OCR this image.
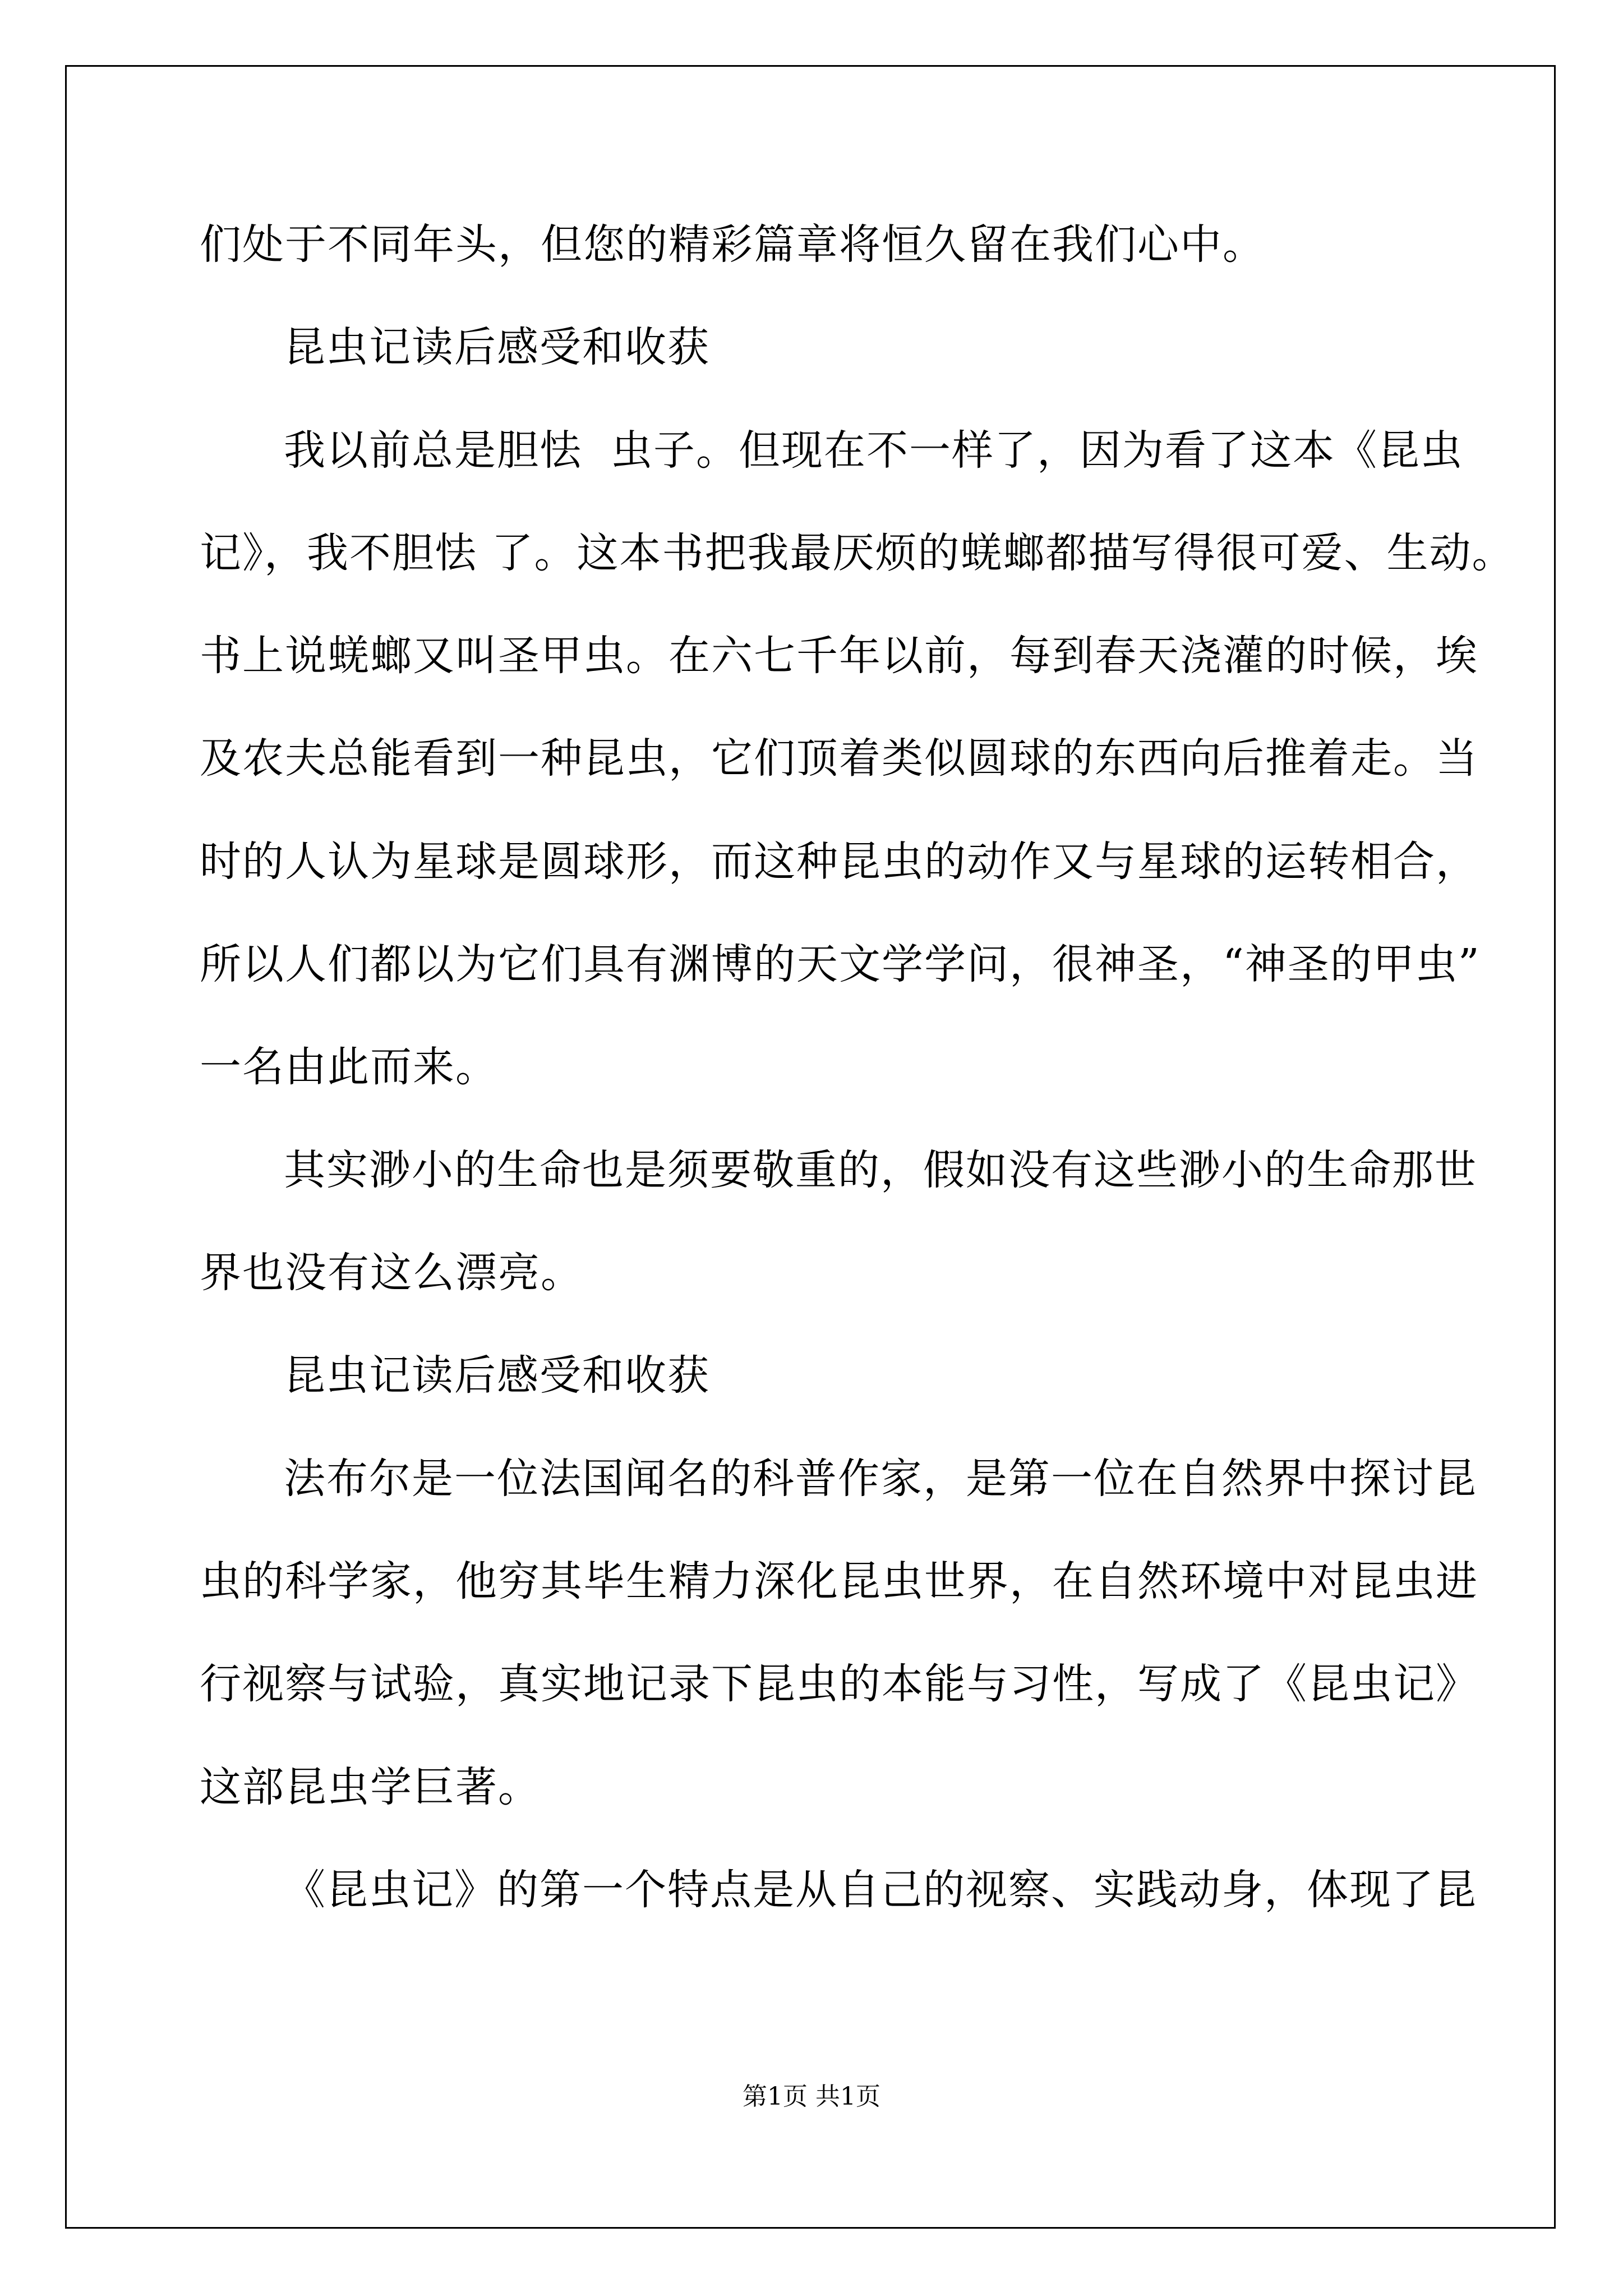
们处于不同年头，但您的精彩篇章将恒久留在我们心中。
昆虫记读后感受和收获
我以前总是胆怯  虫子。但现在不一样了，因为看了这本《昆虫
记》，我不胆怯 了。这本书把我最厌烦的蜣螂都描写得很可爱、生动。
书上说蜣螂又叫圣甲虫。在六七千年以前，每到春天浇灌的时候，埃
及农夫总能看到一种昆虫，它们顶着类似圆球的东西向后推着走。当
时的人认为星球是圆球形，而这种昆虫的动作又与星球的运转相合，
所以人们都以为它们具有渊博的天文学学问，很神圣，“神圣的甲虫”
一名由此而来。
其实渺小的生命也是须要敬重的，假如没有这些渺小的生命那世
界也没有这么漂亮。
昆虫记读后感受和收获
法布尔是一位法国闻名的科普作家，是第一位在自然界中探讨昆
虫的科学家，他穷其毕生精力深化昆虫世界，在自然环境中对昆虫进
行视察与试验，真实地记录下昆虫的本能与习性，写成了《昆虫记》
这部昆虫学巨著。
《昆虫记》的第一个特点是从自己的视察、实践动身，体现了昆
第1页 共1页
